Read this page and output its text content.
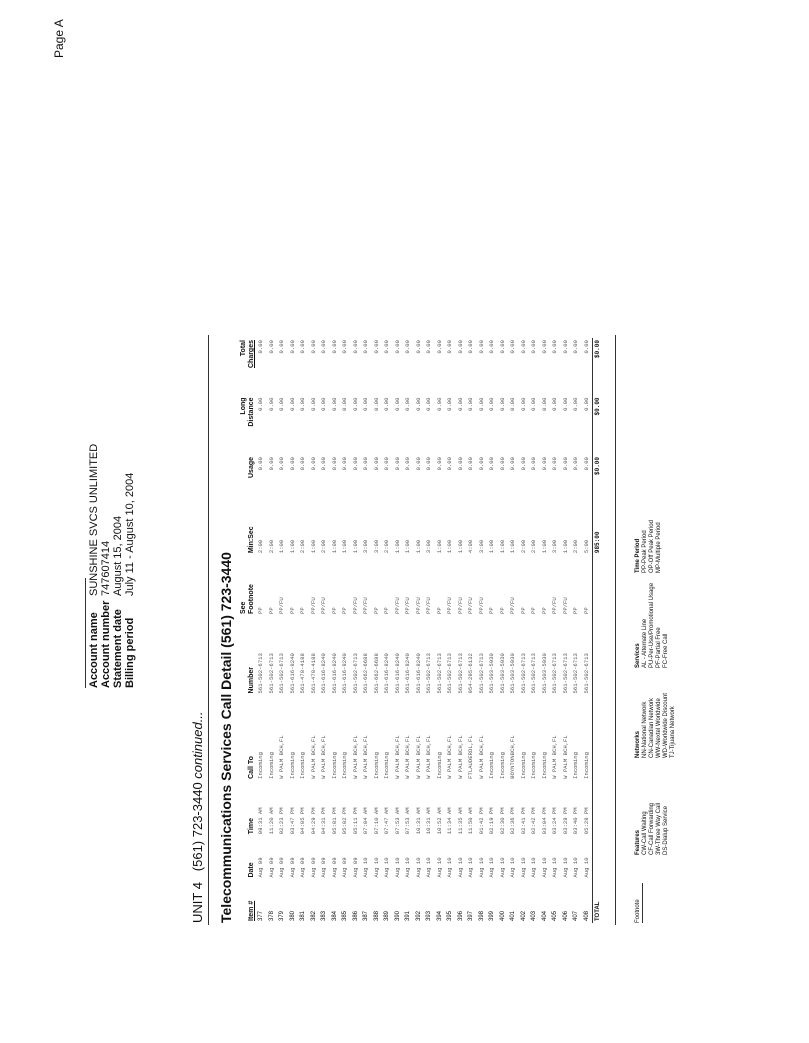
Page A
Account name
SUNSHINE SVCS UNLIMITED
Account number
747607414
Statement date
August 15, 2004
Billing period
July 11 - August 10, 2004
UNIT 4   (561) 723-3440 continued... Telecommunications Services Call Detail (561) 723-3440
					See			Long	Total
Item #	Date	Time	Call To	Number	Footnote	Min:Sec	Usage	Distance	Charges
377	Aug 09	09:31 AM	Incoming	561-502-6713	PP	2:00	0.00	0.00	0.00
378	Aug 09	11:20 AM	Incoming	561-502-6713	PP	2:00	0.00	0.00	0.00
379	Aug 09	02:23 PM	W PALM BCH,FL	561-502-6713	PP/FU	1:00	0.00	0.00	0.00
380	Aug 09	03:47 PM	Incoming	561-616-8240	PP	1:00	0.00	0.00	0.00
381	Aug 09	04:05 PM	Incoming	561-478-4188	PP	2:00	0.00	0.00	0.00
382	Aug 09	04:29 PM	W PALM BCH,FL	561-478-4188	PP/FU	1:00	0.00	0.00	0.00
383	Aug 09	04:31 PM	W PALM BCH,FL	561-616-8240	PP/FU	2:00	0.00	0.00	0.00
384	Aug 09	05:01 PM	Incoming	561-616-8240	PP	1:00	0.00	0.00	0.00
385	Aug 09	05:02 PM	Incoming	561-616-8240	PP	1:00	0.00	0.00	0.00
386	Aug 09	05:11 PM	W PALM BCH,FL	561-502-6713	PP/FU	1:00	0.00	0.00	0.00
387	Aug 10	07:04 AM	W PALM BCH,FL	561-662-6688	PP/FU	3:00	0.00	0.00	0.00
388	Aug 10	07:10 AM	Incoming	561-662-6688	PP	3:00	0.00	0.00	0.00
389	Aug 10	07:47 AM	Incoming	561-616-8240	PP	2:00	0.00	0.00	0.00
390	Aug 10	07:53 AM	W PALM BCH,FL	561-616-8240	PP/FU	1:00	0.00	0.00	0.00
391	Aug 10	07:53 AM	W PALM BCH,FL	561-616-8240	PP/FU	1:00	0.00	0.00	0.00
392	Aug 10	10:31 AM	W PALM BCH,FL	561-616-8240	PP/FU	1:00	0.00	0.00	0.00
393	Aug 10	10:31 AM	W PALM BCH,FL	561-502-6713	PP/FU	3:00	0.00	0.00	0.00
394	Aug 10	10:52 AM	Incoming	561-502-6713	PP	1:00	0.00	0.00	0.00
395	Aug 10	11:34 AM	W PALM BCH,FL	561-502-6713	PP/FU	1:00	0.00	0.00	0.00
396	Aug 10	11:35 AM	W PALM BCH,FL	561-502-6713	PP/FU	1:00	0.00	0.00	0.00
397	Aug 10	11:50 AM	FTLAUDERDL,FL	954-295-6132	PP/FU	4:00	0.00	0.00	0.00
398	Aug 10	01:42 PM	W PALM BCH,FL	561-502-6713	PP/FU	3:00	0.00	0.00	0.00
399	Aug 10	02:19 PM	Incoming	561-503-5930	PP	1:00	0.00	0.00	0.00
400	Aug 10	02:30 PM	Incoming	561-503-5930	PP	1:00	0.00	0.00	0.00
401	Aug 10	02:36 PM	BOYNTONBCH,FL	561-503-5930	PP/FU	1:00	0.00	0.00	0.00
402	Aug 10	02:41 PM	Incoming	561-502-6713	PP	2:00	0.00	0.00	0.00
403	Aug 10	02:42 PM	Incoming	561-502-6713	PP	2:00	0.00	0.00	0.00
404	Aug 10	03:04 PM	Incoming	561-503-5930	PP	1:00	0.00	0.00	0.00
405	Aug 10	03:24 PM	W PALM BCH,FL	561-502-6713	PP/FU	3:00	0.00	0.00	0.00
406	Aug 10	03:28 PM	W PALM BCH,FL	561-502-6713	PP/FU	1:00	0.00	0.00	0.00
407	Aug 10	03:40 PM	Incoming	561-502-6713	PP	2:00	0.00	0.00	0.00
408	Aug 10	05:28 PM	Incoming	561-502-6713	PP	5:00	0.00	0.00	0.00
TOTAL						985:00	$0.00	$0.00	$0.00
Footnote
Features CW-Call Waiting CF-Call Forwarding 3W-Three Way Call DS-Dialup Service
Networks NN-National Network CN-Canadian Network WW-Nextel Worldwide WD-Worldwide Discount TJ-Tijuana Network
Services AL - Alternate Line PU-Per-Use/Promotional Usage PF-Partial Free FC-Free Call
Time Period PP-Peak Period OP-Off Peak Period MP-Multiple Period
